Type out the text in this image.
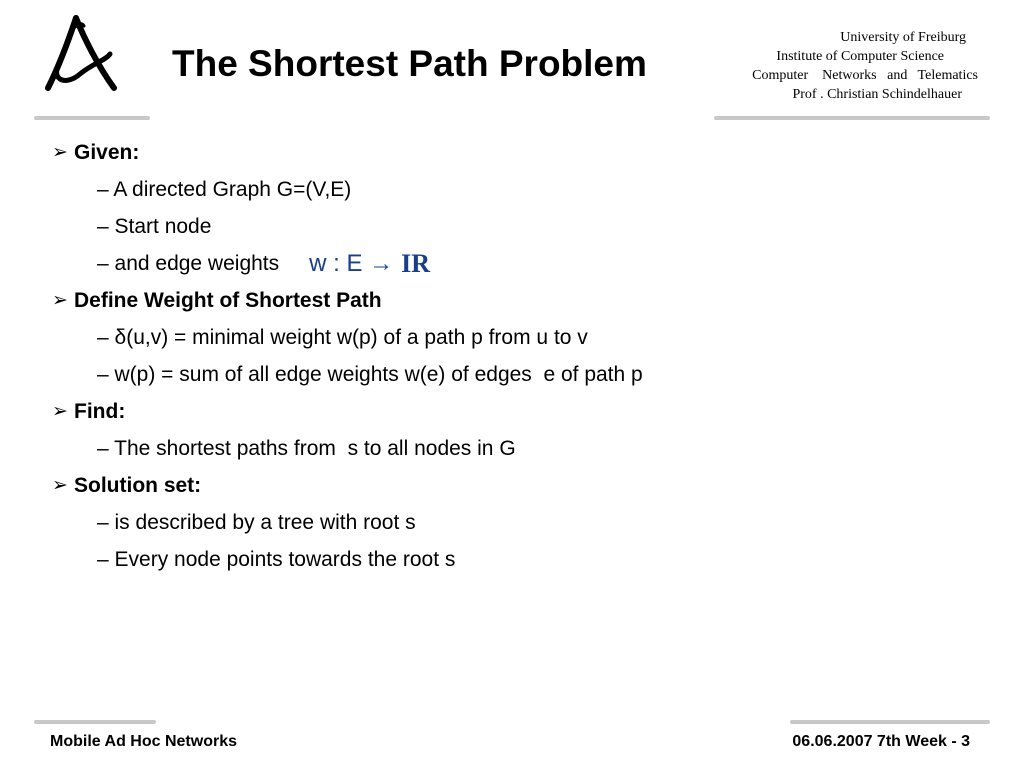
The Shortest Path Problem
University of Freiburg
Institute of Computer Science
Computer    Networks   and   Telematics
Prof . Christian Schindelhauer
➢ Given:
– A directed Graph G=(V,E)
– Start node
– and edge weights w : E → IR
➢ Define Weight of Shortest Path
– δ(u,v) = minimal weight w(p) of a path p from u to v
– w(p) = sum of all edge weights w(e) of edges  e of path p
➢ Find:
– The shortest paths from  s to all nodes in G
➢ Solution set:
– is described by a tree with root s
– Every node points towards the root s
Mobile Ad Hoc Networks	06.06.2007 7th Week - 3
